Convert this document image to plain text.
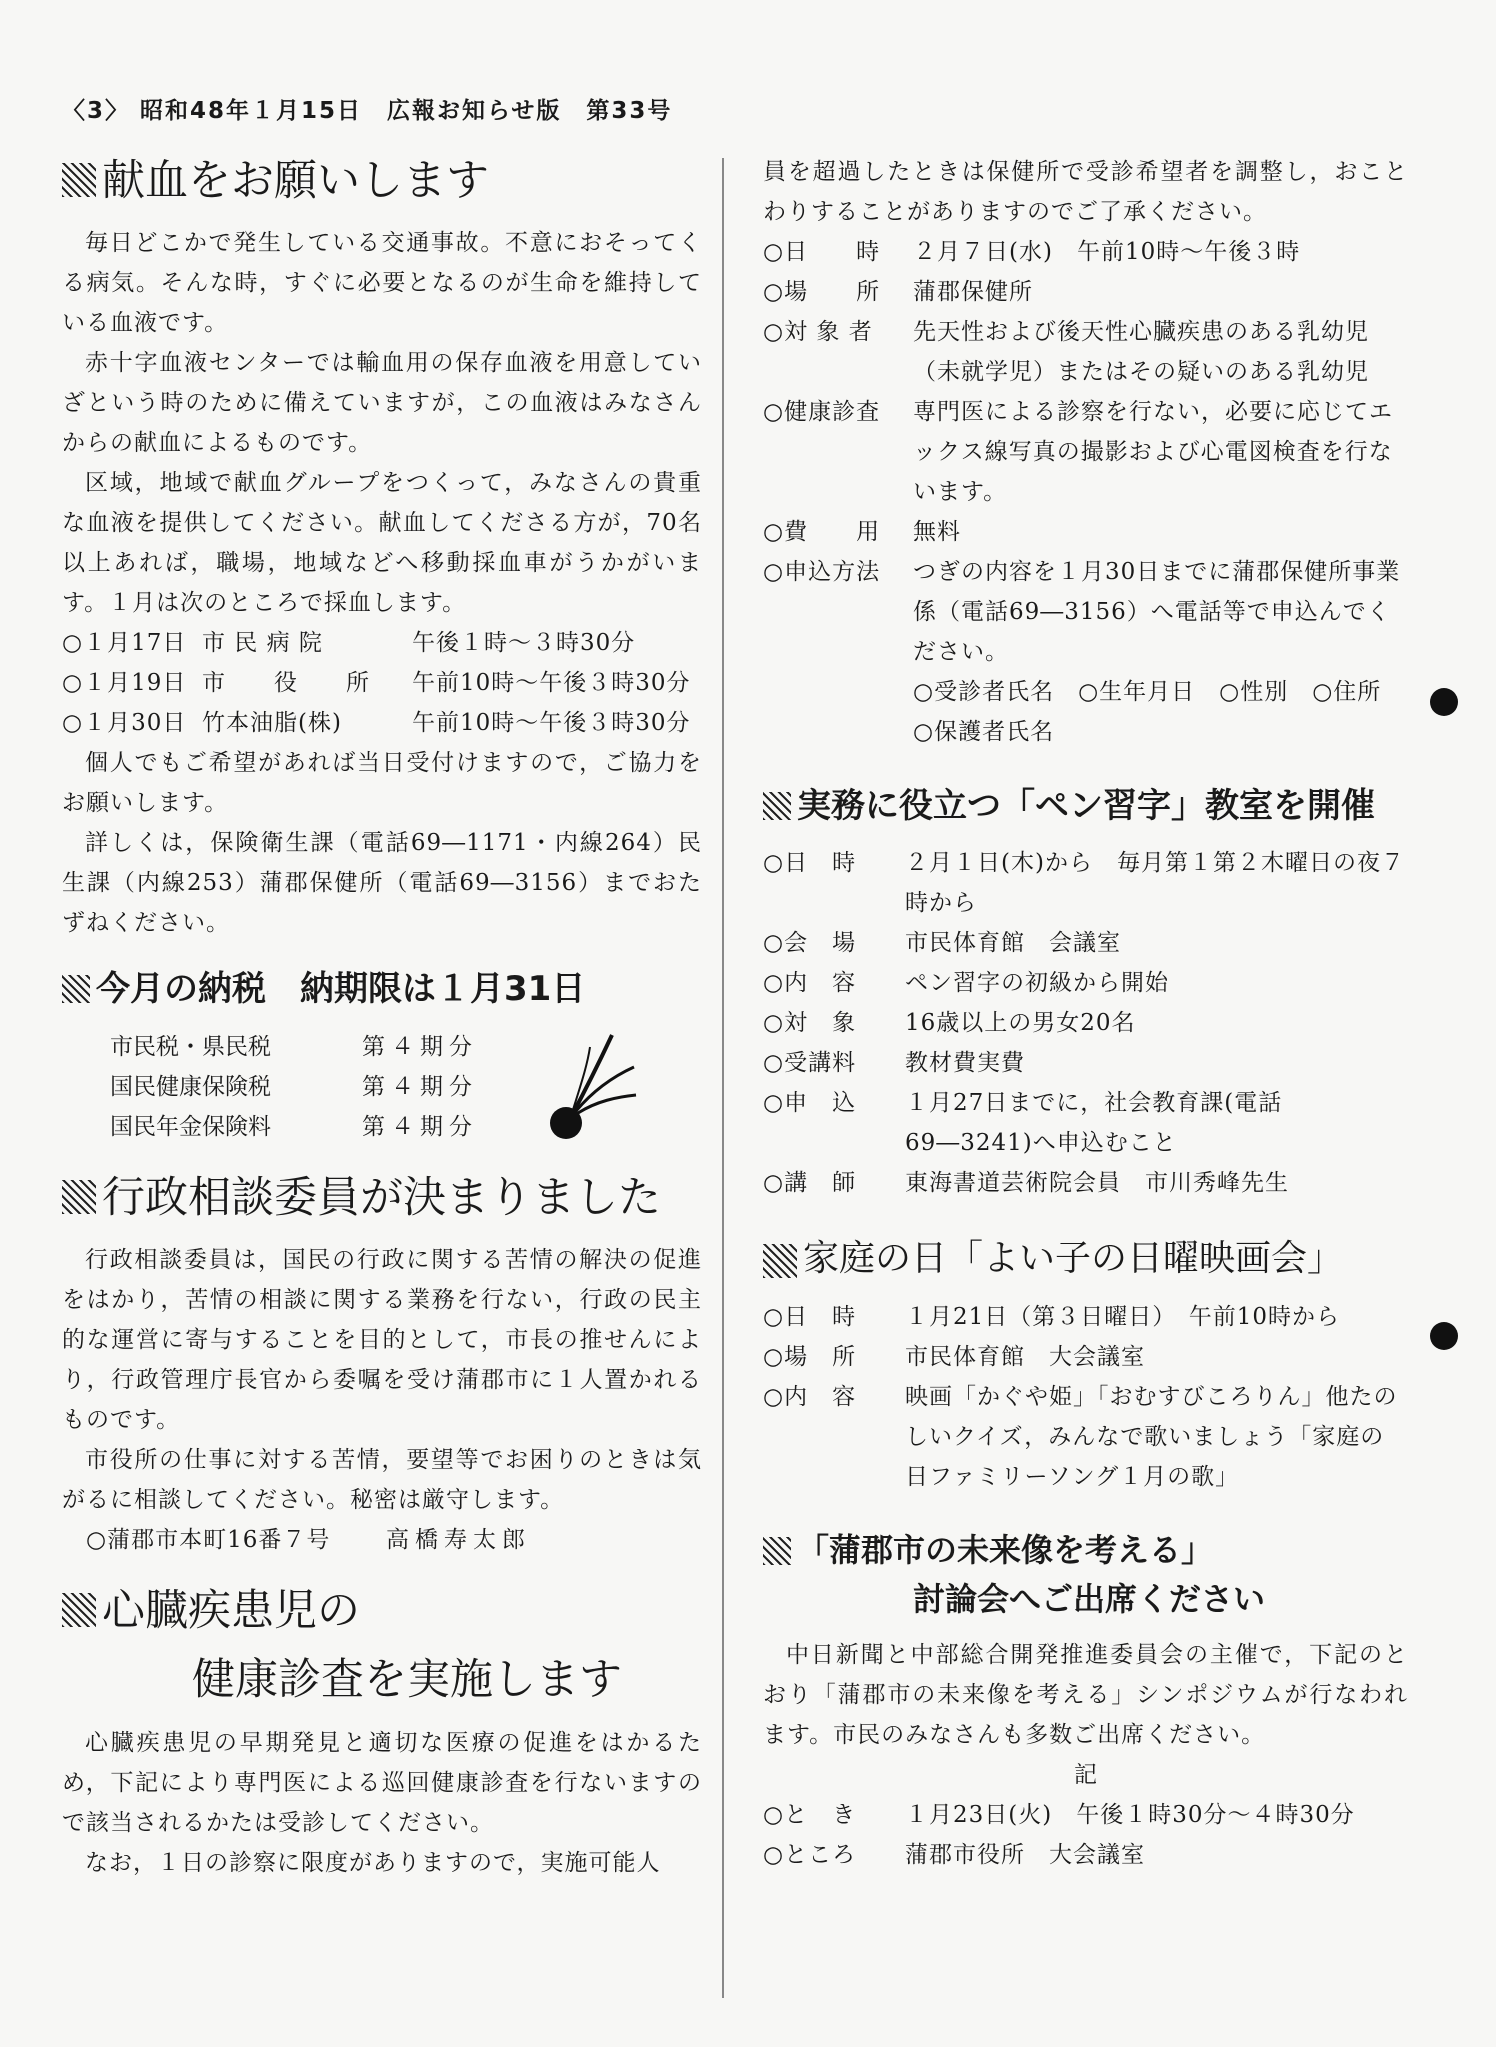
〈3〉 昭和48年１月15日　広報お知らせ版　第33号
献血をお願いします

毎日どこかで発生している交通事故。不意におそってくる病気。そんな時，すぐに必要となるのが生命を維持している血液です。

赤十字血液センターでは輸血用の保存血液を用意していざという時のために備えていますが，この血液はみなさんからの献血によるものです。

区域，地域で献血グループをつくって，みなさんの貴重な血液を提供してください。献血してくださる方が，70名以上あれば，職場，地域などへ移動採血車がうかがいます。１月は次のところで採血します。

○１月17日 市 民 病 院	午後１時～３時30分
○１月19日 市　　役　　所	午前10時～午後３時30分
○１月30日 竹本油脂(株)	午前10時～午後３時30分

個人でもご希望があれば当日受付けますので，ご協力をお願いします。

詳しくは，保険衛生課（電話69―1171・内線264）民生課（内線253）蒲郡保健所（電話69―3156）までおたずねください。

今月の納税　納期限は１月31日
市民税・県民税	第４期分
国民健康保険税	第４期分
国民年金保険料	第４期分
行政相談委員が決まりました

行政相談委員は，国民の行政に関する苦情の解決の促進をはかり，苦情の相談に関する業務を行ない，行政の民主的な運営に寄与することを目的として，市長の推せんにより，行政管理庁長官から委嘱を受け蒲郡市に１人置かれるものです。

市役所の仕事に対する苦情，要望等でお困りのときは気がるに相談してください。秘密は厳守します。

○蒲郡市本町16番７号	高橋寿太郎
心臓疾患児の
健康診査を実施します

心臓疾患児の早期発見と適切な医療の促進をはかるため，下記により専門医による巡回健康診査を行ないますので該当されるかたは受診してください。

なお，１日の診察に限度がありますので，実施可能人

員を超過したときは保健所で受診希望者を調整し，おことわりすることがありますのでご了承ください。

○日　　時	２月７日(水)　午前10時～午後３時
○場　　所	蒲郡保健所
○対 象 者	先天性および後天性心臓疾患のある乳幼児（未就学児）またはその疑いのある乳幼児
○健康診査	専門医による診察を行ない，必要に応じてエックス線写真の撮影および心電図検査を行ないます。
○費　　用	無料
○申込方法	つぎの内容を１月30日までに蒲郡保健所事業係（電話69―3156）へ電話等で申込んでください。
○受診者氏名　○生年月日　○性別　○住所　○保護者氏名
実務に役立つ「ペン習字」教室を開催
○日　時	２月１日(木)から　毎月第１第２木曜日の夜７時から
○会　場	市民体育館　会議室
○内　容	ペン習字の初級から開始
○対　象	16歳以上の男女20名
○受講料	教材費実費
○申　込	１月27日までに，社会教育課(電話69―3241)へ申込むこと
○講　師	東海書道芸術院会員　市川秀峰先生
家庭の日「よい子の日曜映画会」
○日　時	１月21日（第３日曜日）　午前10時から
○場　所	市民体育館　大会議室
○内　容	映画「かぐや姫」「おむすびころりん」他たのしいクイズ，みんなで歌いましょう「家庭の日ファミリーソング１月の歌」
「蒲郡市の未来像を考える」
討論会へご出席ください

中日新聞と中部総合開発推進委員会の主催で，下記のとおり「蒲郡市の未来像を考える」シンポジウムが行なわれます。市民のみなさんも多数ご出席ください。

記
○と　き	１月23日(火)　午後１時30分～４時30分
○ところ	蒲郡市役所　大会議室
